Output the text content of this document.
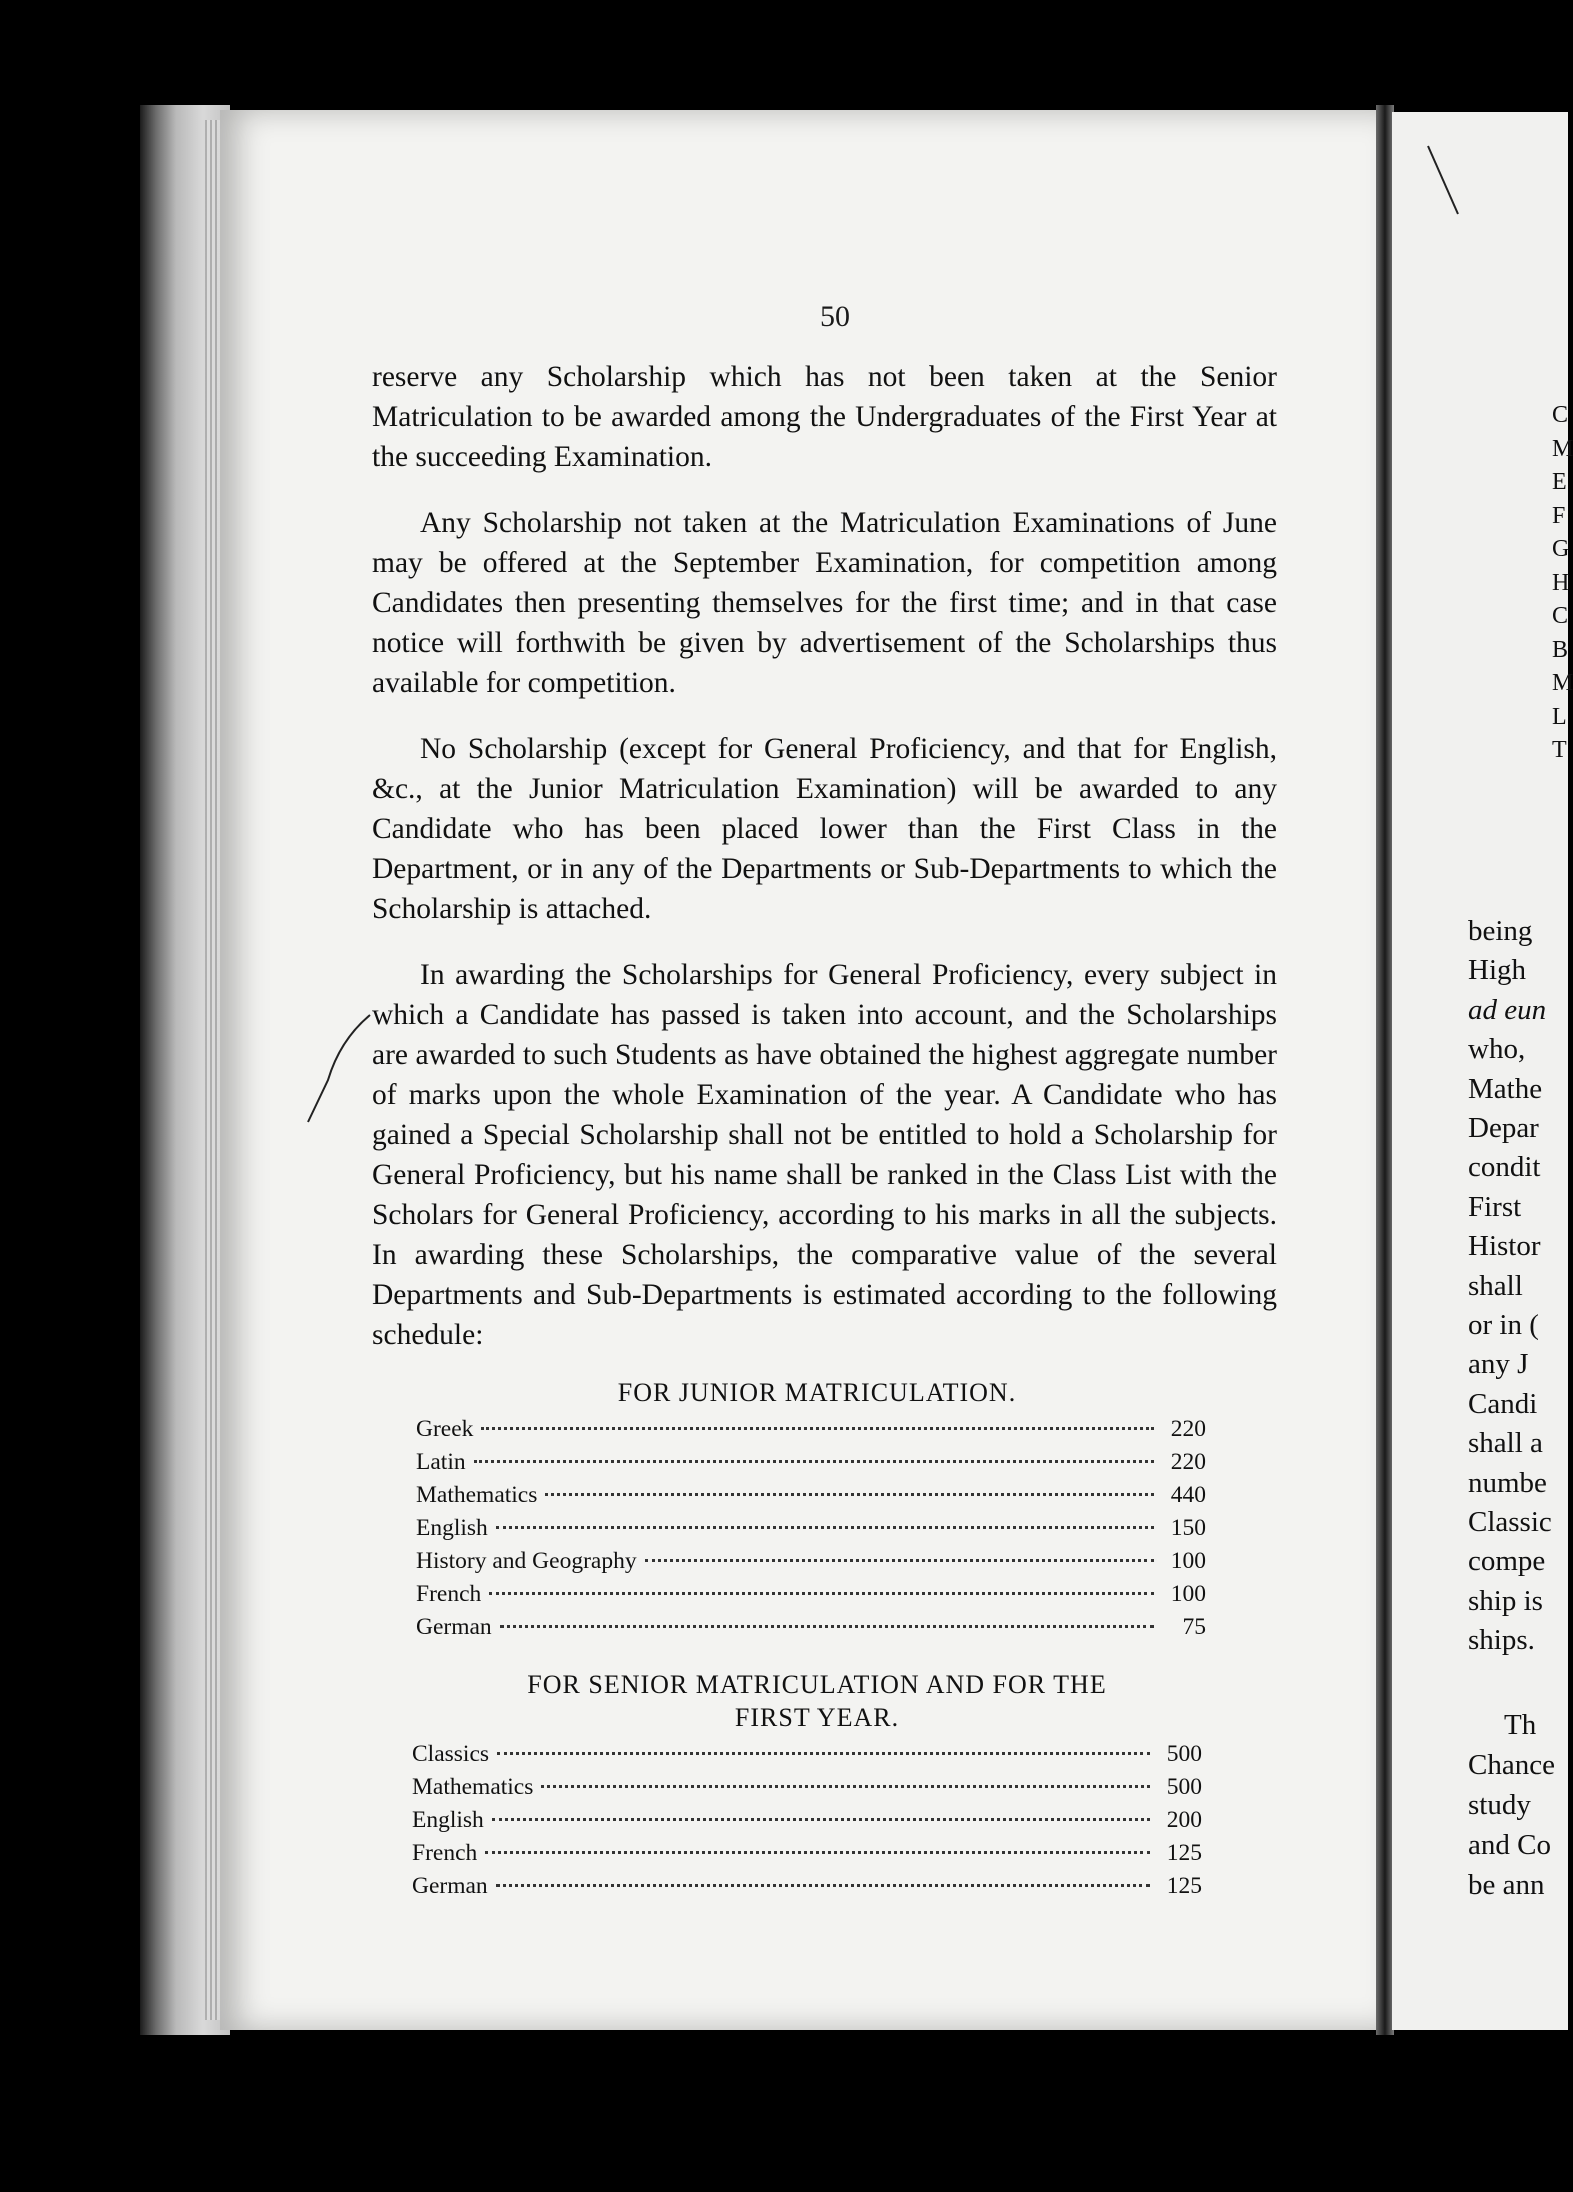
50

reserve any Scholarship which has not been taken at the Senior Matriculation to be awarded among the Undergraduates of the First Year at the succeeding Examination.

Any Scholarship not taken at the Matriculation Examinations of June may be offered at the September Examination, for competition among Candidates then presenting themselves for the first time; and in that case notice will forthwith be given by advertisement of the Scholarships thus available for competition.

No Scholarship (except for General Proficiency, and that for English, &c., at the Junior Matriculation Examination) will be awarded to any Candidate who has been placed lower than the First Class in the Department, or in any of the Departments or Sub-Departments to which the Scholarship is attached.

In awarding the Scholarships for General Proficiency, every subject in which a Candidate has passed is taken into account, and the Scholarships are awarded to such Students as have obtained the highest aggregate number of marks upon the whole Examination of the year. A Candidate who has gained a Special Scholarship shall not be entitled to hold a Scholarship for General Proficiency, but his name shall be ranked in the Class List with the Scholars for General Proficiency, according to his marks in all the subjects. In awarding these Scholarships, the comparative value of the several Departments and Sub-Departments is estimated according to the following schedule:

FOR JUNIOR MATRICULATION.
Greek	220
Latin	220
Mathematics	440
English	150
History and Geography	100
French	100
German	75
FOR SENIOR MATRICULATION AND FOR THE
FIRST YEAR.
Classics	500
Mathematics	500
English	200
French	125
German	125
C
M
E
F
G
H
C
B
M
L
T
being
High
ad eun
who,
Mathe
Depar
condit
First
Histor
shall
or in (
any J
Candi
shall a
numbe
Classic
compe
ship is
ships.
Th
Chance
study
and Co
be ann
